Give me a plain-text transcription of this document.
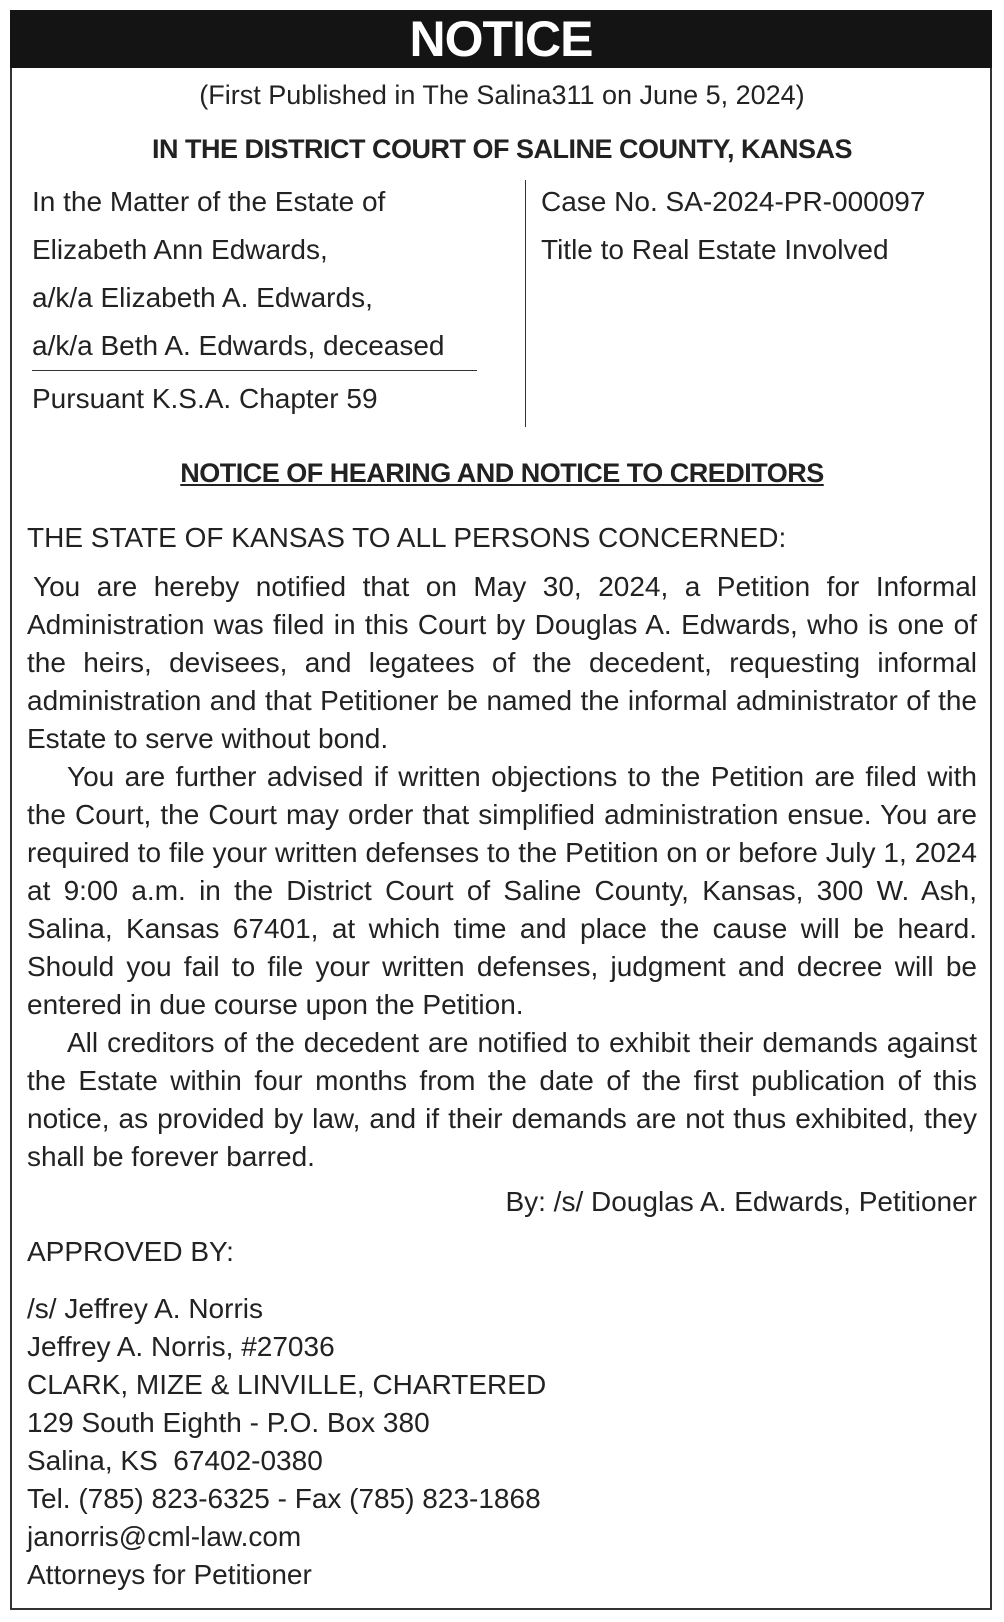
NOTICE
(First Published in The Salina311 on June 5, 2024)
IN THE DISTRICT COURT OF SALINE COUNTY, KANSAS
In the Matter of the Estate of
Elizabeth Ann Edwards,
a/k/a Elizabeth A. Edwards,
a/k/a Beth A. Edwards, deceased
Pursuant K.S.A. Chapter 59
Case No. SA-2024-PR-000097
Title to Real Estate Involved
NOTICE OF HEARING AND NOTICE TO CREDITORS
THE STATE OF KANSAS TO ALL PERSONS CONCERNED:

You are hereby notified that on May 30, 2024, a Petition for Informal Administration was filed in this Court by Douglas A. Edwards, who is one of the heirs, devisees, and legatees of the decedent, requesting informal administration and that Petitioner be named the informal administrator of the Estate to serve without bond.

You are further advised if written objections to the Petition are filed with the Court, the Court may order that simplified administration ensue. You are required to file your written defenses to the Petition on or before July 1, 2024 at 9:00 a.m. in the District Court of Saline County, Kansas, 300 W. Ash, Salina, Kansas 67401, at which time and place the cause will be heard. Should you fail to file your written defenses, judgment and decree will be entered in due course upon the Petition.

All creditors of the decedent are notified to exhibit their demands against the Estate within four months from the date of the first publication of this notice, as provided by law, and if their demands are not thus exhibited, they shall be forever barred.

By: /s/ Douglas A. Edwards, Petitioner
APPROVED BY:
/s/ Jeffrey A. Norris
Jeffrey A. Norris, #27036
CLARK, MIZE & LINVILLE, CHARTERED
129 South Eighth - P.O. Box 380
Salina, KS  67402-0380
Tel. (785) 823-6325 - Fax (785) 823-1868
janorris@cml-law.com
Attorneys for Petitioner
